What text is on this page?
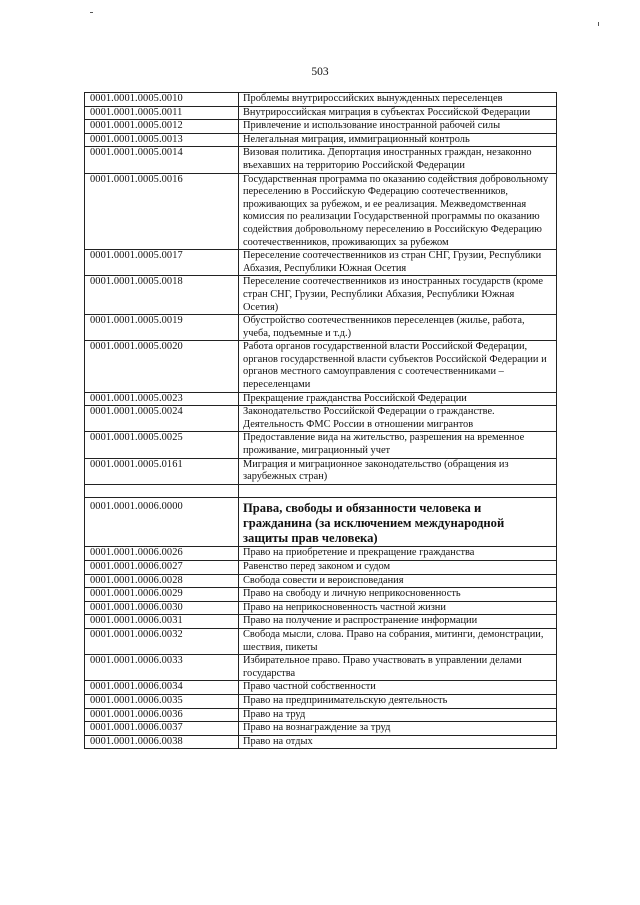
503
0001.0001.0005.0010	Проблемы внутрироссийских вынужденных переселенцев
0001.0001.0005.0011	Внутрироссийская миграция в субъектах Российской Федерации
0001.0001.0005.0012	Привлечение и использование иностранной рабочей силы
0001.0001.0005.0013	Нелегальная миграция, иммиграционный контроль
0001.0001.0005.0014	Визовая политика. Депортация иностранных граждан, незаконно въехавших на территорию Российской Федерации
0001.0001.0005.0016	Государственная программа по оказанию содействия добровольному переселению в Российскую Федерацию соотечественников, проживающих за рубежом, и ее реализация. Межведомственная комиссия по реализации Государственной программы по оказанию содействия добровольному переселению в Российскую Федерацию соотечественников, проживающих за рубежом
0001.0001.0005.0017	Переселение соотечественников из стран СНГ, Грузии, Республики Абхазия, Республики Южная Осетия
0001.0001.0005.0018	Переселение соотечественников из иностранных государств (кроме стран СНГ, Грузии, Республики Абхазия, Республики Южная Осетия)
0001.0001.0005.0019	Обустройство соотечественников переселенцев (жилье, работа, учеба, подъемные и т.д.)
0001.0001.0005.0020	Работа органов государственной власти Российской Федерации, органов государственной власти субъектов Российской Федерации и органов местного самоуправления с соотечественниками – переселенцами
0001.0001.0005.0023	Прекращение гражданства Российской Федерации
0001.0001.0005.0024	Законодательство Российской Федерации о гражданстве. Деятельность ФМС России в отношении мигрантов
0001.0001.0005.0025	Предоставление вида на жительство, разрешения на временное проживание, миграционный учет
0001.0001.0005.0161	Миграция и миграционное законодательство (обращения из зарубежных стран)

0001.0001.0006.0000	Права, свободы и обязанности человека и гражданина (за исключением международной защиты прав человека)
0001.0001.0006.0026	Право на приобретение и прекращение гражданства
0001.0001.0006.0027	Равенство перед законом и судом
0001.0001.0006.0028	Свобода совести и вероисповедания
0001.0001.0006.0029	Право на свободу и личную неприкосновенность
0001.0001.0006.0030	Право на неприкосновенность частной жизни
0001.0001.0006.0031	Право на получение и распространение информации
0001.0001.0006.0032	Свобода мысли, слова. Право на собрания, митинги, демонстрации, шествия, пикеты
0001.0001.0006.0033	Избирательное право. Право участвовать в управлении делами государства
0001.0001.0006.0034	Право частной собственности
0001.0001.0006.0035	Право на предпринимательскую деятельность
0001.0001.0006.0036	Право на труд
0001.0001.0006.0037	Право на вознаграждение за труд
0001.0001.0006.0038	Право на отдых
